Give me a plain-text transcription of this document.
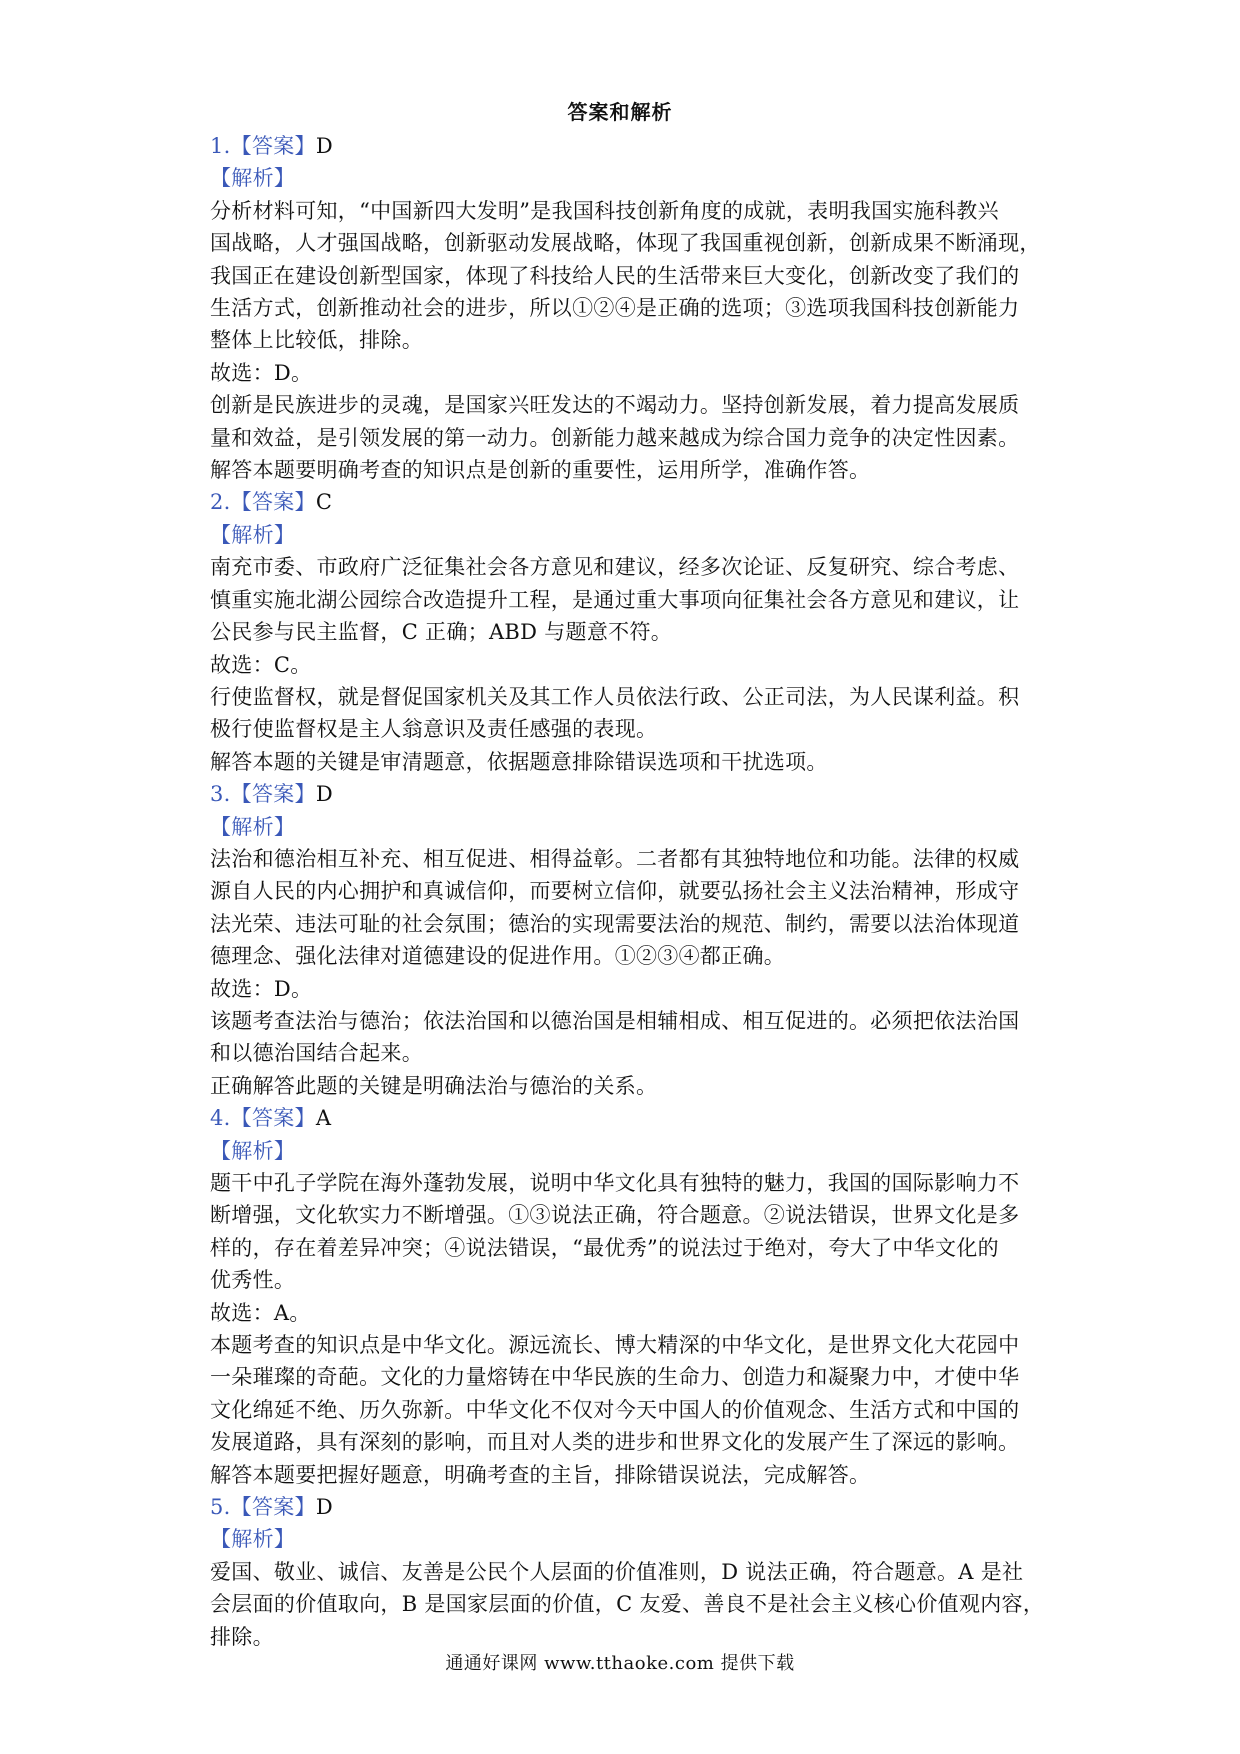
答案和解析
1.【答案】D
【解析】
分析材料可知，“中国新四大发明”是我国科技创新角度的成就，表明我国实施科教兴
国战略，人才强国战略，创新驱动发展战略，体现了我国重视创新，创新成果不断涌现，
我国正在建设创新型国家，体现了科技给人民的生活带来巨大变化，创新改变了我们的
生活方式，创新推动社会的进步，所以①②④是正确的选项；③选项我国科技创新能力
整体上比较低，排除。
故选：D。
创新是民族进步的灵魂，是国家兴旺发达的不竭动力。坚持创新发展，着力提高发展质
量和效益，是引领发展的第一动力。创新能力越来越成为综合国力竞争的决定性因素。
解答本题要明确考查的知识点是创新的重要性，运用所学，准确作答。
2.【答案】C
【解析】
南充市委、市政府广泛征集社会各方意见和建议，经多次论证、反复研究、综合考虑、
慎重实施北湖公园综合改造提升工程，是通过重大事项向征集社会各方意见和建议，让
公民参与民主监督，C 正确；ABD 与题意不符。
故选：C。
行使监督权，就是督促国家机关及其工作人员依法行政、公正司法，为人民谋利益。积
极行使监督权是主人翁意识及责任感强的表现。
解答本题的关键是审清题意，依据题意排除错误选项和干扰选项。
3.【答案】D
【解析】
法治和德治相互补充、相互促进、相得益彰。二者都有其独特地位和功能。法律的权威
源自人民的内心拥护和真诚信仰，而要树立信仰，就要弘扬社会主义法治精神，形成守
法光荣、违法可耻的社会氛围；德治的实现需要法治的规范、制约，需要以法治体现道
德理念、强化法律对道德建设的促进作用。①②③④都正确。
故选：D。
该题考查法治与德治；依法治国和以德治国是相辅相成、相互促进的。必须把依法治国
和以德治国结合起来。
正确解答此题的关键是明确法治与德治的关系。
4.【答案】A
【解析】
题干中孔子学院在海外蓬勃发展，说明中华文化具有独特的魅力，我国的国际影响力不
断增强，文化软实力不断增强。①③说法正确，符合题意。②说法错误，世界文化是多
样的，存在着差异冲突；④说法错误，“最优秀”的说法过于绝对，夸大了中华文化的
优秀性。
故选：A。
本题考查的知识点是中华文化。源远流长、博大精深的中华文化，是世界文化大花园中
一朵璀璨的奇葩。文化的力量熔铸在中华民族的生命力、创造力和凝聚力中，才使中华
文化绵延不绝、历久弥新。中华文化不仅对今天中国人的价值观念、生活方式和中国的
发展道路，具有深刻的影响，而且对人类的进步和世界文化的发展产生了深远的影响。
解答本题要把握好题意，明确考查的主旨，排除错误说法，完成解答。
5.【答案】D
【解析】
爱国、敬业、诚信、友善是公民个人层面的价值准则，D 说法正确，符合题意。A 是社
会层面的价值取向，B 是国家层面的价值，C 友爱、善良不是社会主义核心价值观内容，
排除。
通通好课网 www.tthaoke.com 提供下载
